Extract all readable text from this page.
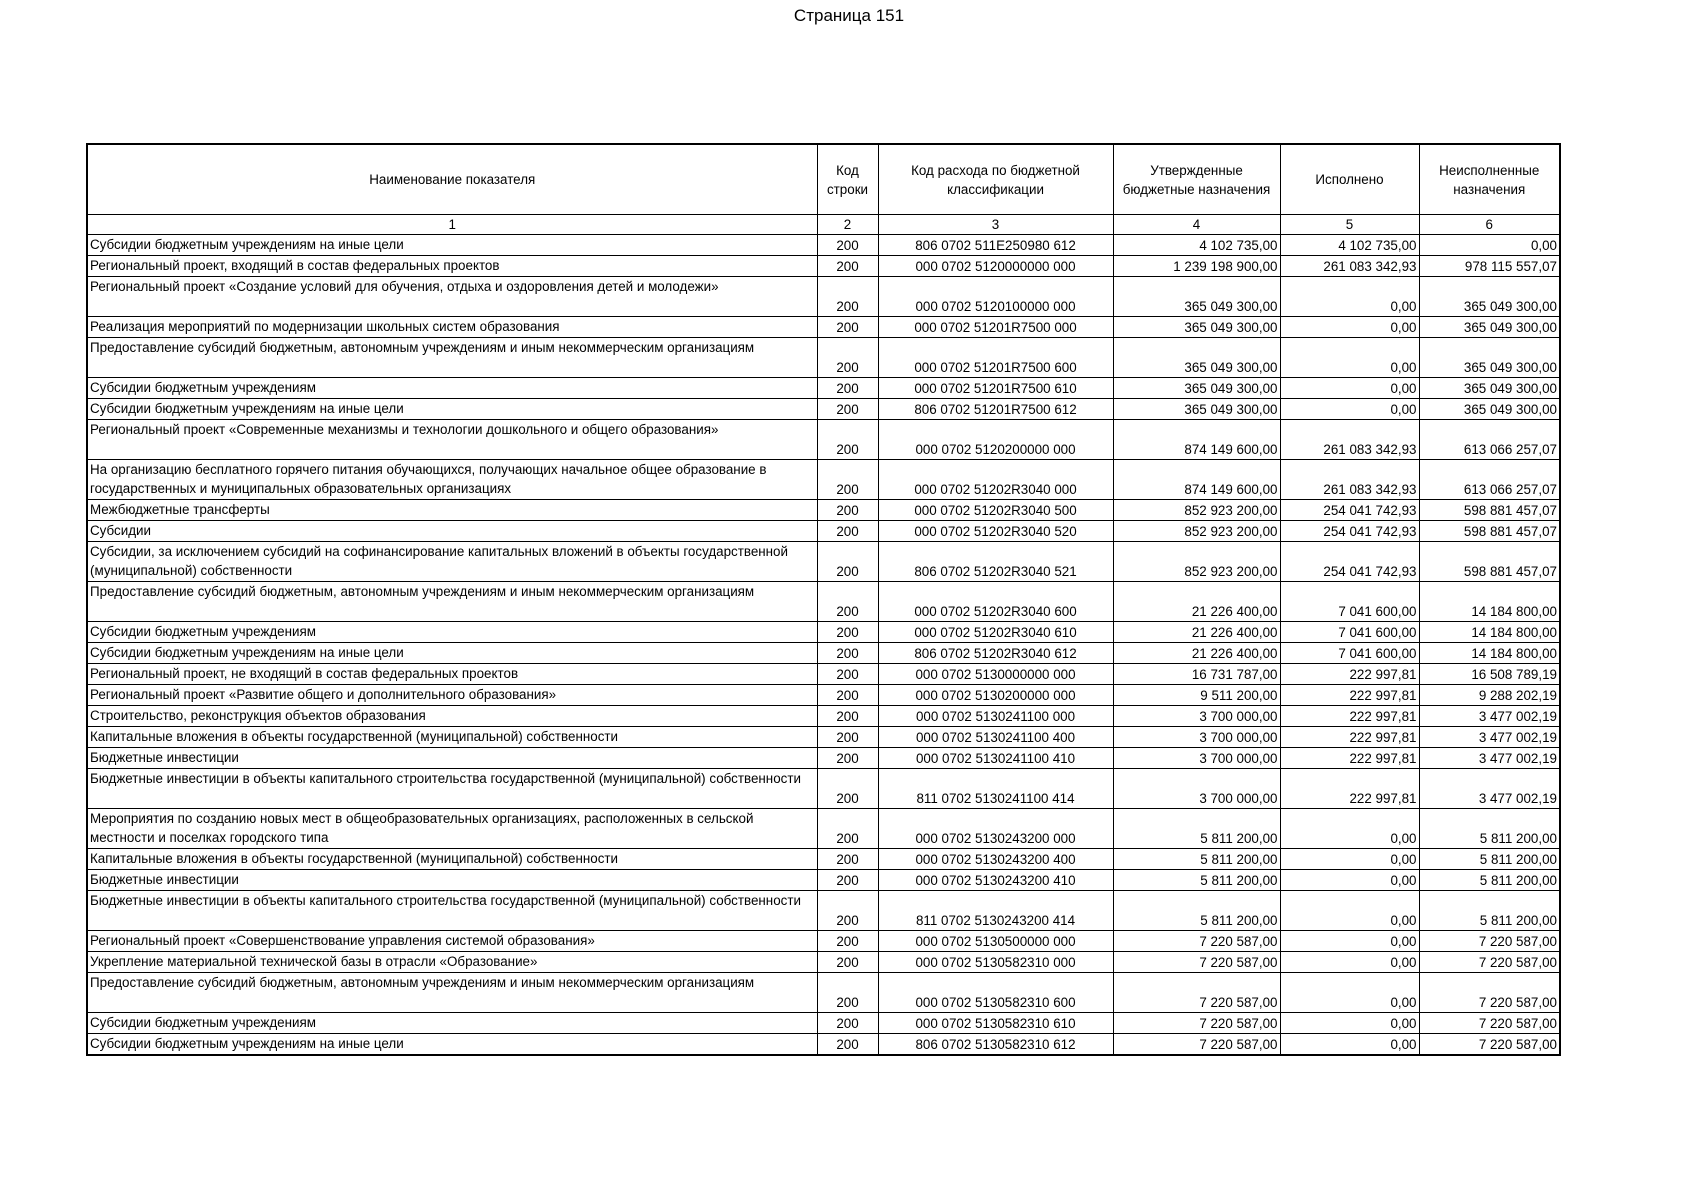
Страница 151
Наименование показателя	Код строки	Код расхода по бюджетной классификации	Утвержденные бюджетные назначения	Исполнено	Неисполненные назначения
1	2	3	4	5	6
Субсидии бюджетным учреждениям на иные цели	200	806 0702 511E250980 612	4 102 735,00	4 102 735,00	0,00
Региональный проект, входящий в состав федеральных проектов	200	000 0702 5120000000 000	1 239 198 900,00	261 083 342,93	978 115 557,07
Региональный проект «Создание условий для обучения, отдыха и оздоровления детей и молодежи»	200	000 0702 5120100000 000	365 049 300,00	0,00	365 049 300,00
Реализация мероприятий по модернизации школьных систем образования	200	000 0702 51201R7500 000	365 049 300,00	0,00	365 049 300,00
Предоставление субсидий бюджетным, автономным учреждениям и иным некоммерческим организациям	200	000 0702 51201R7500 600	365 049 300,00	0,00	365 049 300,00
Субсидии бюджетным учреждениям	200	000 0702 51201R7500 610	365 049 300,00	0,00	365 049 300,00
Субсидии бюджетным учреждениям на иные цели	200	806 0702 51201R7500 612	365 049 300,00	0,00	365 049 300,00
Региональный проект «Современные механизмы и технологии дошкольного и общего образования»	200	000 0702 5120200000 000	874 149 600,00	261 083 342,93	613 066 257,07
На организацию бесплатного горячего питания обучающихся, получающих начальное общее образование в государственных и муниципальных образовательных организациях	200	000 0702 51202R3040 000	874 149 600,00	261 083 342,93	613 066 257,07
Межбюджетные трансферты	200	000 0702 51202R3040 500	852 923 200,00	254 041 742,93	598 881 457,07
Субсидии	200	000 0702 51202R3040 520	852 923 200,00	254 041 742,93	598 881 457,07
Субсидии, за исключением субсидий на софинансирование капитальных вложений в объекты государственной (муниципальной) собственности	200	806 0702 51202R3040 521	852 923 200,00	254 041 742,93	598 881 457,07
Предоставление субсидий бюджетным, автономным учреждениям и иным некоммерческим организациям	200	000 0702 51202R3040 600	21 226 400,00	7 041 600,00	14 184 800,00
Субсидии бюджетным учреждениям	200	000 0702 51202R3040 610	21 226 400,00	7 041 600,00	14 184 800,00
Субсидии бюджетным учреждениям на иные цели	200	806 0702 51202R3040 612	21 226 400,00	7 041 600,00	14 184 800,00
Региональный проект, не входящий в состав федеральных проектов	200	000 0702 5130000000 000	16 731 787,00	222 997,81	16 508 789,19
Региональный проект «Развитие общего и дополнительного образования»	200	000 0702 5130200000 000	9 511 200,00	222 997,81	9 288 202,19
Строительство, реконструкция объектов образования	200	000 0702 5130241100 000	3 700 000,00	222 997,81	3 477 002,19
Капитальные вложения в объекты государственной (муниципальной) собственности	200	000 0702 5130241100 400	3 700 000,00	222 997,81	3 477 002,19
Бюджетные инвестиции	200	000 0702 5130241100 410	3 700 000,00	222 997,81	3 477 002,19
Бюджетные инвестиции в объекты капитального строительства государственной (муниципальной) собственности	200	811 0702 5130241100 414	3 700 000,00	222 997,81	3 477 002,19
Мероприятия по созданию новых мест в общеобразовательных организациях, расположенных в сельской местности и поселках городского типа	200	000 0702 5130243200 000	5 811 200,00	0,00	5 811 200,00
Капитальные вложения в объекты государственной (муниципальной) собственности	200	000 0702 5130243200 400	5 811 200,00	0,00	5 811 200,00
Бюджетные инвестиции	200	000 0702 5130243200 410	5 811 200,00	0,00	5 811 200,00
Бюджетные инвестиции в объекты капитального строительства государственной (муниципальной) собственности	200	811 0702 5130243200 414	5 811 200,00	0,00	5 811 200,00
Региональный проект «Совершенствование управления системой образования»	200	000 0702 5130500000 000	7 220 587,00	0,00	7 220 587,00
Укрепление материальной технической базы в отрасли «Образование»	200	000 0702 5130582310 000	7 220 587,00	0,00	7 220 587,00
Предоставление субсидий бюджетным, автономным учреждениям и иным некоммерческим организациям	200	000 0702 5130582310 600	7 220 587,00	0,00	7 220 587,00
Субсидии бюджетным учреждениям	200	000 0702 5130582310 610	7 220 587,00	0,00	7 220 587,00
Субсидии бюджетным учреждениям на иные цели	200	806 0702 5130582310 612	7 220 587,00	0,00	7 220 587,00
